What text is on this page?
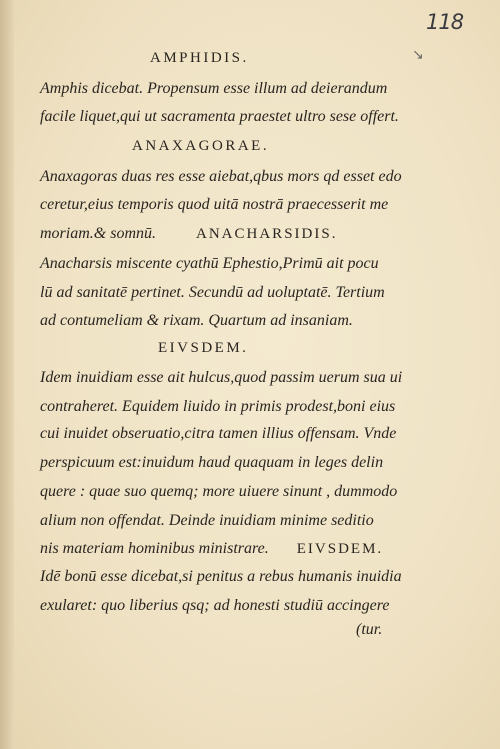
118
↘
AMPHIDIS.
Amphis dicebat. Propensum esse illum ad deierandum
facile liquet,qui ut sacramenta praestet ultro sese offert.
ANAXAGORAE.
Anaxagoras duas res esse aiebat,qbus mors qd esset edo
ceretur,eius temporis quod uitā nostrā praecesserit me
moriam.& somnū.	ANACHARSIDIS.
Anacharsis miscente cyathū Ephestio,Primū ait pocu
lū ad sanitatē pertinet. Secundū ad uoluptatē. Tertium
ad contumeliam & rixam. Quartum ad insaniam.
EIVSDEM.
Idem inuidiam esse ait hulcus,quod passim uerum sua ui
contraheret. Equidem liuido in primis prodest,boni eius
cui inuidet obseruatio,citra tamen illius offensam. Vnde
perspicuum est:inuidum haud quaquam in leges delin
quere : quae suo quemq; more uiuere sinunt , dummodo
alium non offendat. Deinde inuidiam minime seditio
nis materiam hominibus ministrare. EIVSDEM.
Idē bonū esse dicebat,si penitus a rebus humanis inuidia
exularet: quo liberius qsq; ad honesti studiū accingere
(tur.
